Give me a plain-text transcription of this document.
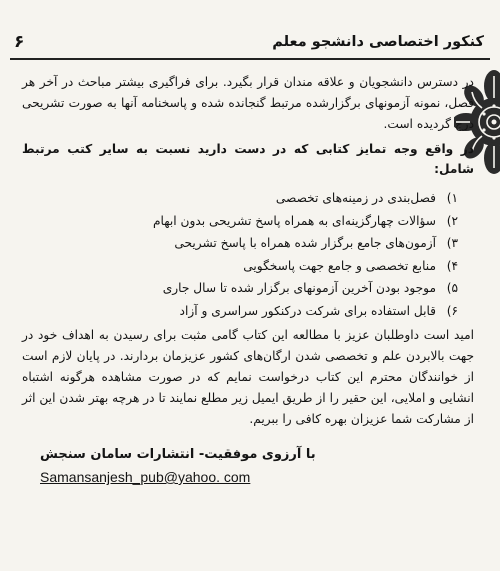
کنکور اختصاصی دانشجو معلم
۶

در دسترس دانشجویان و علاقه مندان قرار بگیرد. برای فراگیری بیشتر مباحث در آخر هر فصل، نمونه آزمونهای برگزارشده مرتبط گنجانده شده و پاسخنامه آنها به صورت تشریحی درج گردیده است.

در واقع وجه تمایز کتابی که در دست دارید نسبت به سایر کتب مرتبط شامل:

۱)فصل‌بندی در زمینه‌های تخصصی
۲)سؤالات چهارگزینه‌ای به همراه پاسخ تشریحی بدون ابهام
۳)آزمون‌های جامع برگزار شده همراه با پاسخ تشریحی
۴)منابع تخصصی و جامع جهت پاسخگویی
۵)موجود بودن آخرین آزمونهای برگزار شده تا سال جاری
۶)قابل استفاده برای شرکت درکنکور سراسری و آزاد

امید است داوطلبان عزیز با مطالعه این کتاب گامی مثبت برای رسیدن به اهداف خود در جهت بالابردن علم و تخصصی شدن ارگان‌های کشور عزیزمان بردارند. در پایان لازم است از خوانندگان محترم این کتاب درخواست نمایم که در صورت مشاهده هرگونه اشتباه انشایی و املایی، این حقیر را از طریق ایمیل زیر مطلع نمایند تا در هرچه بهتر شدن این اثر از مشارکت شما عزیزان بهره کافی را ببریم.

با آرزوی موفقیت- انتشارات سامان سنجش
Samansanjesh_pub@yahoo. com
